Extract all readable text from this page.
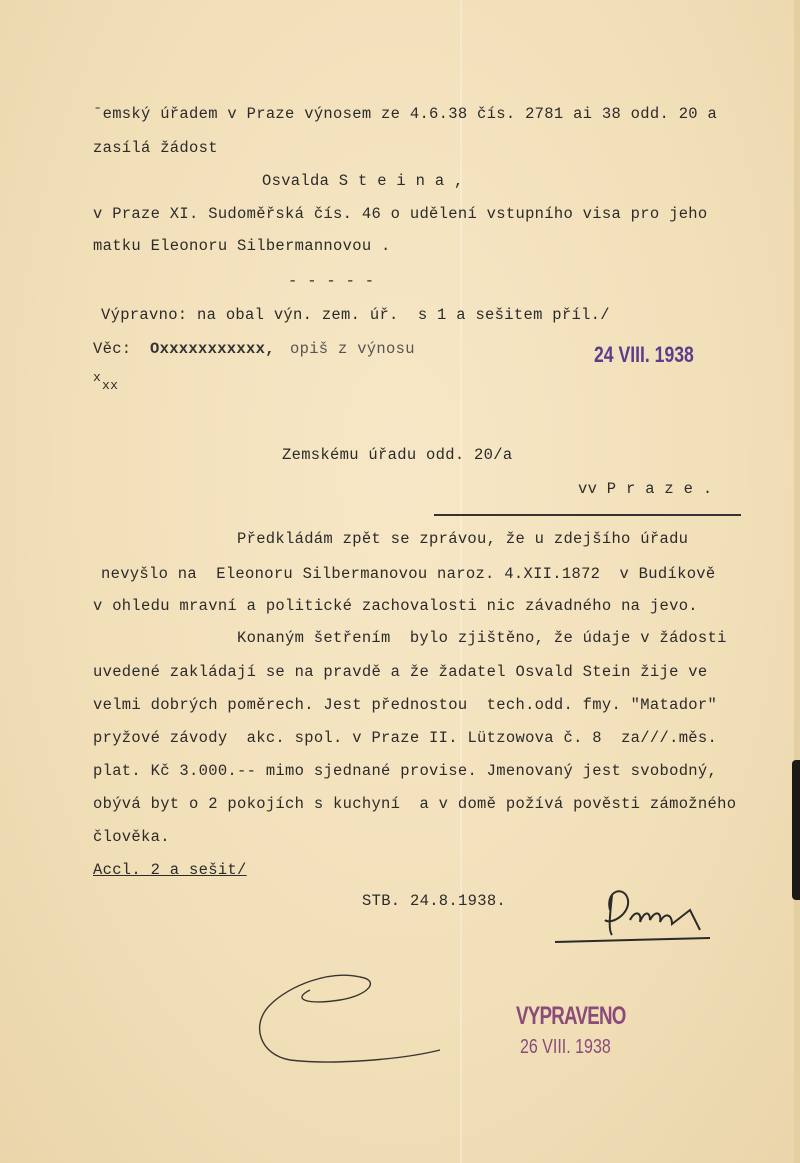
ˉemský úřadem v Praze výnosem ze 4.6.38 čís. 2781 ai 38 odd. 20 a
zasílá žádost
Osvalda S t e i n a ,
v Praze XI. Sudoměřská čís. 46 o udělení vstupního visa pro jeho
matku Eleonoru Silbermannovou .
- - - - -
Výpravno: na obal výn. zem. úř.  s 1 a sešitem příl./
Věc: Oxxxxxxxxxxx, opiš z výnosu
x
xx
24 VIII. 1938
Zemskému úřadu odd. 20/a
vv P r a z e .
Předkládám zpět se zprávou, že u zdejšího úřadu
nevyšlo na  Eleonoru Silbermanovou naroz. 4.XII.1872  v Budíkově
v ohledu mravní a politické zachovalosti nic závadného na jevo.
Konaným šetřením  bylo zjištěno, že údaje v žádosti
uvedené zakládají se na pravdě a že žadatel Osvald Stein žije ve
velmi dobrých poměrech. Jest přednostou  tech.odd. fmy. "Matador"
pryžové závody  akc. spol. v Praze II. Lützowova č. 8  za///.měs.
plat. Kč 3.000.-- mimo sjednané provise. Jmenovaný jest svobodný,
obývá byt o 2 pokojích s kuchyní  a v domě požívá pověsti zámožného
člověka.
Accl. 2 a sešit/
STB. 24.8.1938.
VYPRAVENO
26 VIII. 1938
